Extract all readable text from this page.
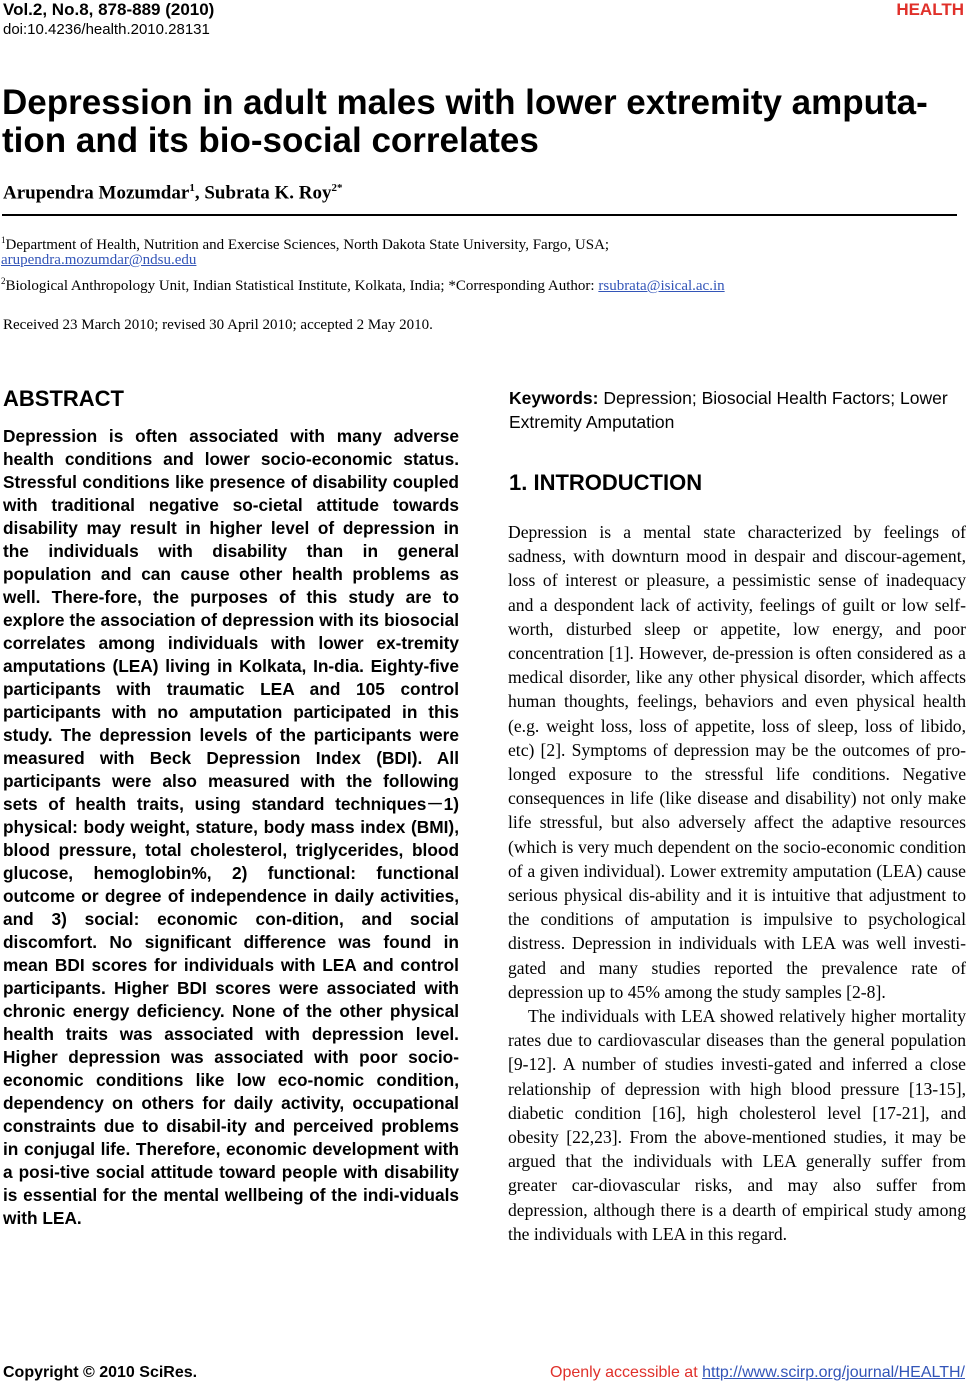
Vol.2, No.8, 878-889 (2010)
doi:10.4236/health.2010.28131
HEALTH
Depression in adult males with lower extremity amputa-tion and its bio-social correlates
Arupendra Mozumdar$^1$, Subrata K. Roy$^{2*}$
$^1$Department of Health, Nutrition and Exercise Sciences, North Dakota State University, Fargo, USA;
arupendra.mozumdar@ndsu.edu
$^2$Biological Anthropology Unit, Indian Statistical Institute, Kolkata, India; *Corresponding Author: rsubrata@isical.ac.in
Received 23 March 2010; revised 30 April 2010; accepted 2 May 2010.
ABSTRACT

Depression is often associated with many adverse health conditions and lower socio-economic status. Stressful conditions like presence of disability coupled with traditional negative so-cietal attitude towards disability may result in higher level of depression in the individuals with disability than in general population and can cause other health problems as well. There-fore, the purposes of this study are to explore the association of depression with its biosocial correlates among individuals with lower ex-tremity amputations (LEA) living in Kolkata, In-dia. Eighty-five participants with traumatic LEA and 105 control participants with no amputation participated in this study. The depression levels of the participants were measured with Beck Depression Index (BDI). All participants were also measured with the following sets of health traits, using standard techniques－1) physical: body weight, stature, body mass index (BMI), blood pressure, total cholesterol, triglycerides, blood glucose, hemoglobin%, 2) functional: functional outcome or degree of independence in daily activities, and 3) social: economic con-dition, and social discomfort. No significant difference was found in mean BDI scores for individuals with LEA and control participants. Higher BDI scores were associated with chronic energy deficiency. None of the other physical health traits was associated with depression level. Higher depression was associated with poor socio-economic conditions like low eco-nomic condition, dependency on others for daily activity, occupational constraints due to disabil-ity and perceived problems in conjugal life. Therefore, economic development with a posi-tive social attitude toward people with disability is essential for the mental wellbeing of the indi-viduals with LEA.

Keywords: Depression; Biosocial Health Factors; Lower Extremity Amputation

1. INTRODUCTION

Depression is a mental state characterized by feelings of sadness, with downturn mood in despair and discour-agement, loss of interest or pleasure, a pessimistic sense of inadequacy and a despondent lack of activity, feelings of guilt or low self-worth, disturbed sleep or appetite, low energy, and poor concentration [1]. However, de-pression is often considered as a medical disorder, like any other physical disorder, which affects human thoughts, feelings, behaviors and even physical health (e.g. weight loss, loss of appetite, loss of sleep, loss of libido, etc) [2]. Symptoms of depression may be the outcomes of pro-longed exposure to the stressful life conditions. Negative consequences in life (like disease and disability) not only make life stressful, but also adversely affect the adaptive resources (which is very much dependent on the socio-economic condition of a given individual). Lower extremity amputation (LEA) cause serious physical dis-ability and it is intuitive that adjustment to the conditions of amputation is impulsive to psychological distress. Depression in individuals with LEA was well investi-gated and many studies reported the prevalence rate of depression up to 45% among the study samples [2-8].

The individuals with LEA showed relatively higher mortality rates due to cardiovascular diseases than the general population [9-12]. A number of studies investi-gated and inferred a close relationship of depression with high blood pressure [13-15], diabetic condition [16], high cholesterol level [17-21], and obesity [22,23]. From the above-mentioned studies, it may be argued that the individuals with LEA generally suffer from greater car-diovascular risks, and may also suffer from depression, although there is a dearth of empirical study among the individuals with LEA in this regard.

Copyright © 2010 SciRes.	Openly accessible at http://www.scirp.org/journal/HEALTH/
